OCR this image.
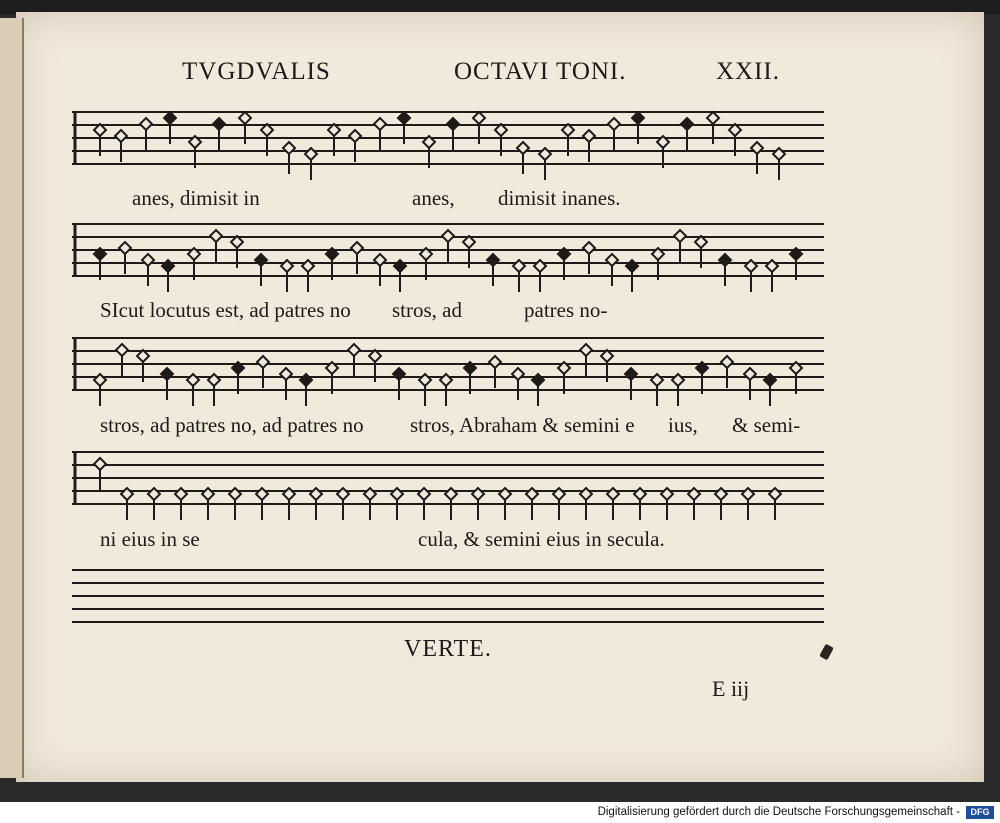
TVGDVALIS	OCTAVI TONI.	XXII.
anes, dimisit in	anes, dimisit inanes.
SIcut locutus est, ad patres no stros, ad	patres no-
stros, ad patres no, ad patres no stros, Abraham & semini e ius, & semi-
ni eius in se	cula, & semini eius in secula.
VERTE.
E iij
Digitalisierung gefördert durch die Deutsche Forschungsgemeinschaft -	DFG
